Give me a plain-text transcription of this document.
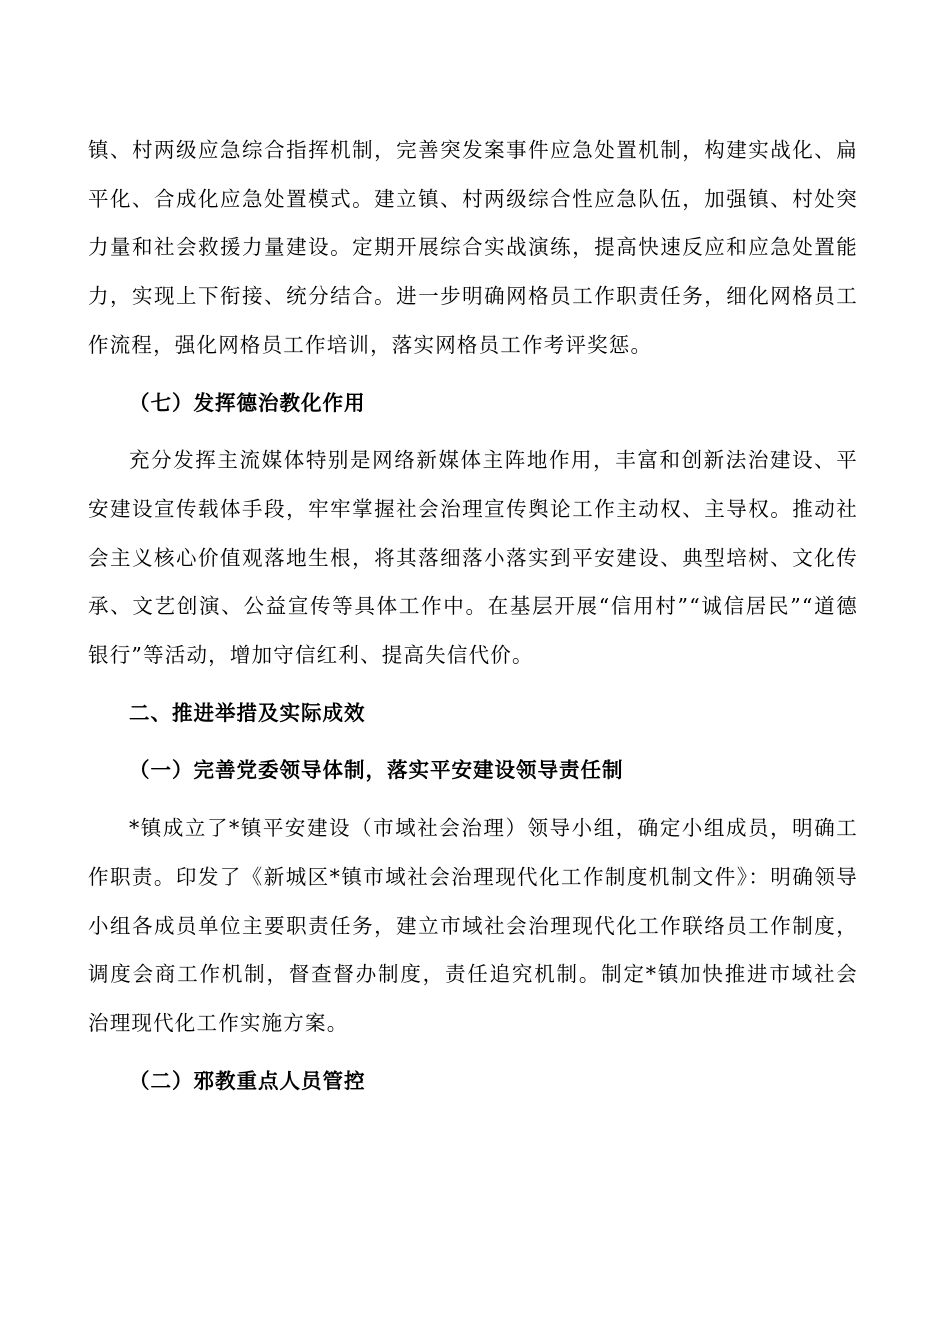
镇、村两级应急综合指挥机制，完善突发案事件应急处置机制，构建实战化、扁平化、合成化应急处置模式。建立镇、村两级综合性应急队伍，加强镇、村处突力量和社会救援力量建设。定期开展综合实战演练，提高快速反应和应急处置能力，实现上下衔接、统分结合。进一步明确网格员工作职责任务，细化网格员工作流程，强化网格员工作培训，落实网格员工作考评奖惩。

（七）发挥德治教化作用

充分发挥主流媒体特别是网络新媒体主阵地作用，丰富和创新法治建设、平安建设宣传载体手段，牢牢掌握社会治理宣传舆论工作主动权、主导权。推动社会主义核心价值观落地生根，将其落细落小落实到平安建设、典型培树、文化传承、文艺创演、公益宣传等具体工作中。在基层开展“信用村”“诚信居民”“道德银行”等活动，增加守信红利、提高失信代价。

二、推进举措及实际成效
（一）完善党委领导体制，落实平安建设领导责任制

*镇成立了*镇平安建设（市域社会治理）领导小组，确定小组成员，明确工作职责。印发了《新城区*镇市域社会治理现代化工作制度机制文件》：明确领导小组各成员单位主要职责任务，建立市域社会治理现代化工作联络员工作制度，调度会商工作机制，督查督办制度，责任追究机制。制定*镇加快推进市域社会治理现代化工作实施方案。

（二）邪教重点人员管控
